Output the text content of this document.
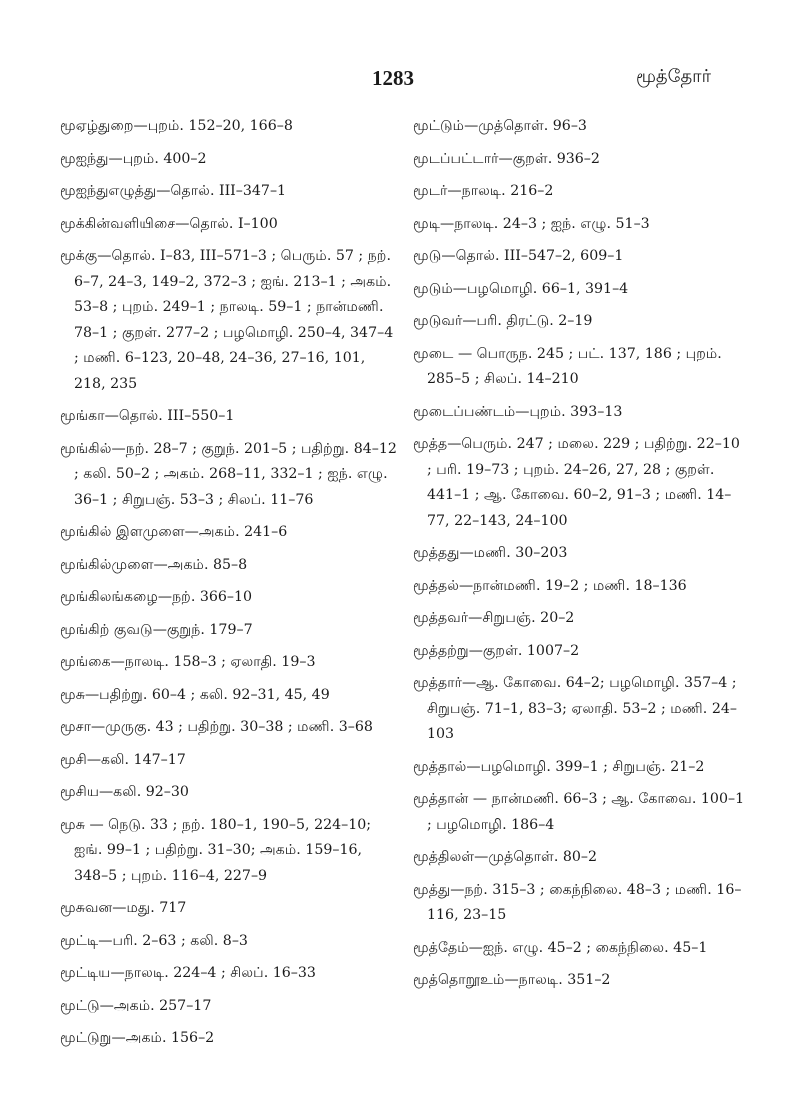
1283	மூத்தோர்
மூஏழ்துறை—புறம். 152–20, 166–8
மூஐந்து—புறம். 400–2
மூஐந்துஎழுத்து—தொல். III–347–1
மூக்கின்வளியிசை—தொல். I–100
மூக்கு—தொல். I–83, III–571–3 ; பெரும். 57 ; நற். 6–7, 24–3, 149–2, 372–3 ; ஐங். 213–1 ; அகம். 53–8 ; புறம். 249–1 ; நாலடி. 59–1 ; நான்மணி. 78–1 ; குறள். 277–2 ; பழமொழி. 250–4, 347–4 ; மணி. 6–123, 20–48, 24–36, 27–16, 101, 218, 235
மூங்கா—தொல். III–550–1
மூங்கில்—நற். 28–7 ; குறுந். 201–5 ; பதிற்று. 84–12 ; கலி. 50–2 ; அகம். 268–11, 332–1 ; ஐந். எழு. 36–1 ; சிறுபஞ். 53–3 ; சிலப். 11–76
மூங்கில் இளமுளை—அகம். 241–6
மூங்கில்முளை—அகம். 85–8
மூங்கிலங்கழை—நற். 366–10
மூங்கிற் குவடு—குறுந். 179–7
மூங்கை—நாலடி. 158–3 ; ஏலாதி. 19–3
மூசு—பதிற்று. 60–4 ; கலி. 92–31, 45, 49
மூசா—முருகு. 43 ; பதிற்று. 30–38 ; மணி. 3–68
மூசி—கலி. 147–17
மூசிய—கலி. 92–30
மூசு — நெடு. 33 ; நற். 180–1, 190–5, 224–10; ஐங். 99–1 ; பதிற்று. 31–30; அகம். 159–16, 348–5 ; புறம். 116–4, 227–9
மூசுவன—மது. 717
மூட்டி—பரி. 2–63 ; கலி. 8–3
மூட்டிய—நாலடி. 224–4 ; சிலப். 16–33
மூட்டு—அகம். 257–17
மூட்டுறு—அகம். 156–2
மூட்டும்—முத்தொள். 96–3
மூடப்பட்டார்—குறள். 936–2
மூடர்—நாலடி. 216–2
மூடி—நாலடி. 24–3 ; ஐந். எழு. 51–3
மூடு—தொல். III–547–2, 609–1
மூடும்—பழமொழி. 66–1, 391–4
மூடுவர்—பரி. திரட்டு. 2–19
மூடை — பொருந. 245 ; பட். 137, 186 ; புறம். 285–5 ; சிலப். 14–210
மூடைப்பண்டம்—புறம். 393–13
மூத்த—பெரும். 247 ; மலை. 229 ; பதிற்று. 22–10 ; பரி. 19–73 ; புறம். 24–26, 27, 28 ; குறள். 441–1 ; ஆ. கோவை. 60–2, 91–3 ; மணி. 14–77, 22–143, 24–100
மூத்தது—மணி. 30–203
மூத்தல்—நான்மணி. 19–2 ; மணி. 18–136
மூத்தவர்—சிறுபஞ். 20–2
மூத்தற்று—குறள். 1007–2
மூத்தார்—ஆ. கோவை. 64–2; பழமொழி. 357–4 ; சிறுபஞ். 71–1, 83–3; ஏலாதி. 53–2 ; மணி. 24–103
மூத்தால்—பழமொழி. 399–1 ; சிறுபஞ். 21–2
மூத்தான் — நான்மணி. 66–3 ; ஆ. கோவை. 100–1 ; பழமொழி. 186–4
மூத்திலள்—முத்தொள். 80–2
மூத்து—நற். 315–3 ; கைந்நிலை. 48–3 ; மணி. 16–116, 23–15
மூத்தேம்—ஐந். எழு. 45–2 ; கைந்நிலை. 45–1
மூத்தொறூஉம்—நாலடி. 351–2
